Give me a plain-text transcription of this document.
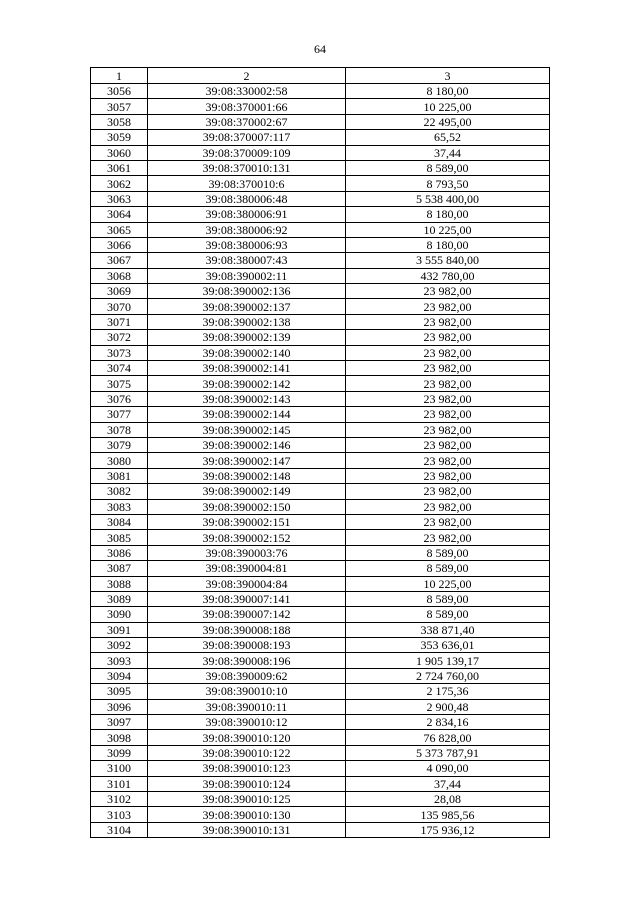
64
1	2	3
3056	39:08:330002:58	8 180,00
3057	39:08:370001:66	10 225,00
3058	39:08:370002:67	22 495,00
3059	39:08:370007:117	65,52
3060	39:08:370009:109	37,44
3061	39:08:370010:131	8 589,00
3062	39:08:370010:6	8 793,50
3063	39:08:380006:48	5 538 400,00
3064	39:08:380006:91	8 180,00
3065	39:08:380006:92	10 225,00
3066	39:08:380006:93	8 180,00
3067	39:08:380007:43	3 555 840,00
3068	39:08:390002:11	432 780,00
3069	39:08:390002:136	23 982,00
3070	39:08:390002:137	23 982,00
3071	39:08:390002:138	23 982,00
3072	39:08:390002:139	23 982,00
3073	39:08:390002:140	23 982,00
3074	39:08:390002:141	23 982,00
3075	39:08:390002:142	23 982,00
3076	39:08:390002:143	23 982,00
3077	39:08:390002:144	23 982,00
3078	39:08:390002:145	23 982,00
3079	39:08:390002:146	23 982,00
3080	39:08:390002:147	23 982,00
3081	39:08:390002:148	23 982,00
3082	39:08:390002:149	23 982,00
3083	39:08:390002:150	23 982,00
3084	39:08:390002:151	23 982,00
3085	39:08:390002:152	23 982,00
3086	39:08:390003:76	8 589,00
3087	39:08:390004:81	8 589,00
3088	39:08:390004:84	10 225,00
3089	39:08:390007:141	8 589,00
3090	39:08:390007:142	8 589,00
3091	39:08:390008:188	338 871,40
3092	39:08:390008:193	353 636,01
3093	39:08:390008:196	1 905 139,17
3094	39:08:390009:62	2 724 760,00
3095	39:08:390010:10	2 175,36
3096	39:08:390010:11	2 900,48
3097	39:08:390010:12	2 834,16
3098	39:08:390010:120	76 828,00
3099	39:08:390010:122	5 373 787,91
3100	39:08:390010:123	4 090,00
3101	39:08:390010:124	37,44
3102	39:08:390010:125	28,08
3103	39:08:390010:130	135 985,56
3104	39:08:390010:131	175 936,12
